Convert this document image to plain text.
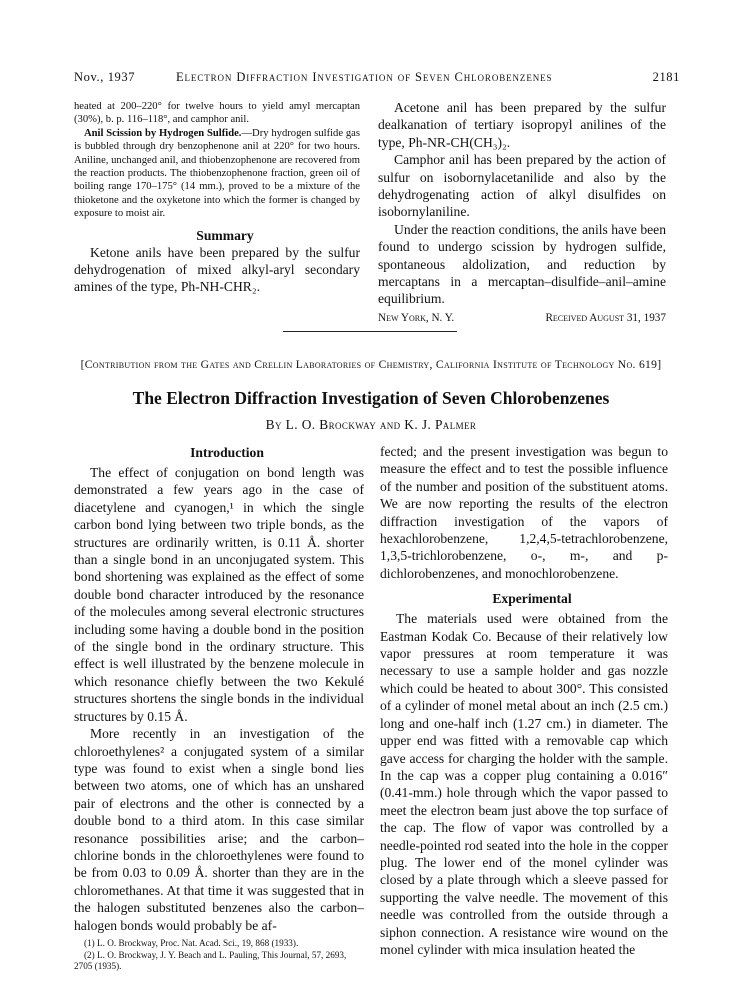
Nov., 1937	Electron Diffraction Investigation of Seven Chlorobenzenes	2181

heated at 200–220° for twelve hours to yield amyl mercaptan (30%), b. p. 116–118°, and camphor anil.

Anil Scission by Hydrogen Sulfide.—Dry hydrogen sulfide gas is bubbled through dry benzophenone anil at 220° for two hours. Aniline, unchanged anil, and thiobenzophenone are recovered from the reaction products. The thiobenzophenone fraction, green oil of boiling range 170–175° (14 mm.), proved to be a mixture of the thioketone and the oxyketone into which the former is changed by exposure to moist air.

Summary

Ketone anils have been prepared by the sulfur dehydrogenation of mixed alkyl-aryl secondary amines of the type, Ph-NH-CHR₂.

Acetone anil has been prepared by the sulfur dealkanation of tertiary isopropyl anilines of the type, Ph-NR-CH(CH₃)₂.

Camphor anil has been prepared by the action of sulfur on isobornylacetanilide and also by the dehydrogenating action of alkyl disulfides on isobornylaniline.

Under the reaction conditions, the anils have been found to undergo scission by hydrogen sulfide, spontaneous aldolization, and reduction by mercaptans in a mercaptan–disulfide–anil–amine equilibrium.

New York, N. Y.	Received August 31, 1937
[Contribution from the Gates and Crellin Laboratories of Chemistry, California Institute of Technology No. 619]
The Electron Diffraction Investigation of Seven Chlorobenzenes
By L. O. Brockway and K. J. Palmer

Introduction

The effect of conjugation on bond length was demonstrated a few years ago in the case of diacetylene and cyanogen,¹ in which the single carbon bond lying between two triple bonds, as the structures are ordinarily written, is 0.11 Å. shorter than a single bond in an unconjugated system. This bond shortening was explained as the effect of some double bond character introduced by the resonance of the molecules among several electronic structures including some having a double bond in the position of the single bond in the ordinary structure. This effect is well illustrated by the benzene molecule in which resonance chiefly between the two Kekulé structures shortens the single bonds in the individual structures by 0.15 Å.

More recently in an investigation of the chloroethylenes² a conjugated system of a similar type was found to exist when a single bond lies between two atoms, one of which has an unshared pair of electrons and the other is connected by a double bond to a third atom. In this case similar resonance possibilities arise; and the carbon–chlorine bonds in the chloroethylenes were found to be from 0.03 to 0.09 Å. shorter than they are in the chloromethanes. At that time it was suggested that in the halogen substituted benzenes also the carbon–halogen bonds would probably be af-

(1) L. O. Brockway, Proc. Nat. Acad. Sci., 19, 868 (1933).

(2) L. O. Brockway, J. Y. Beach and L. Pauling, This Journal, 57, 2693, 2705 (1935).

fected; and the present investigation was begun to measure the effect and to test the possible influence of the number and position of the substituent atoms. We are now reporting the results of the electron diffraction investigation of the vapors of hexachlorobenzene, 1,2,4,5-tetrachlorobenzene, 1,3,5-trichlorobenzene, o-, m-, and p-dichlorobenzenes, and monochlorobenzene.

Experimental

The materials used were obtained from the Eastman Kodak Co. Because of their relatively low vapor pressures at room temperature it was necessary to use a sample holder and gas nozzle which could be heated to about 300°. This consisted of a cylinder of monel metal about an inch (2.5 cm.) long and one-half inch (1.27 cm.) in diameter. The upper end was fitted with a removable cap which gave access for charging the holder with the sample. In the cap was a copper plug containing a 0.016″ (0.41-mm.) hole through which the vapor passed to meet the electron beam just above the top surface of the cap. The flow of vapor was controlled by a needle-pointed rod seated into the hole in the copper plug. The lower end of the monel cylinder was closed by a plate through which a sleeve passed for supporting the valve needle. The movement of this needle was controlled from the outside through a siphon connection. A resistance wire wound on the monel cylinder with mica insulation heated the
